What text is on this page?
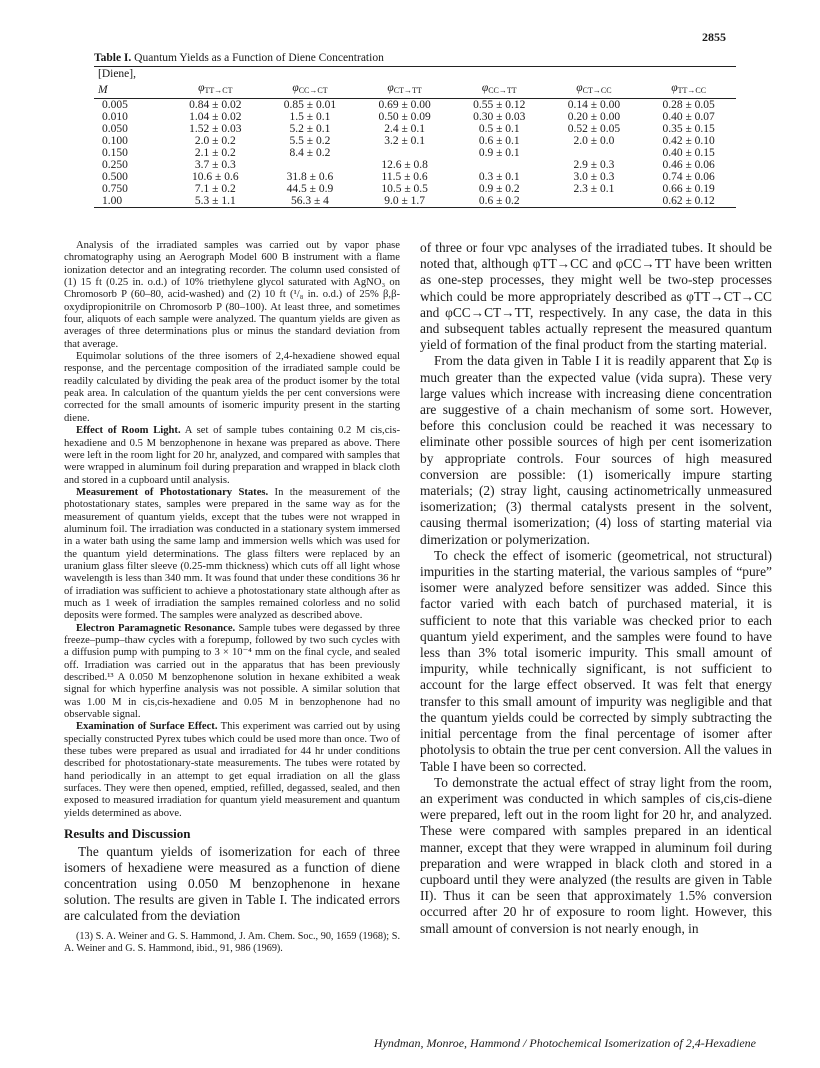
2855
Table I. Quantum Yields as a Function of Diene Concentration
[Diene],						
M	$\varphi_{TT\to CT}$	$\varphi_{CC\to CT}$	$\varphi_{CT\to TT}$	$\varphi_{CC\to TT}$	$\varphi_{CT\to CC}$	$\varphi_{TT\to CC}$
0.005	0.84 ± 0.02	0.85 ± 0.01	0.69 ± 0.00	0.55 ± 0.12	0.14 ± 0.00	0.28 ± 0.05
0.010	1.04 ± 0.02	1.5 ± 0.1	0.50 ± 0.09	0.30 ± 0.03	0.20 ± 0.00	0.40 ± 0.07
0.050	1.52 ± 0.03	5.2 ± 0.1	2.4 ± 0.1	0.5 ± 0.1	0.52 ± 0.05	0.35 ± 0.15
0.100	2.0 ± 0.2	5.5 ± 0.2	3.2 ± 0.1	0.6 ± 0.1	2.0 ± 0.0	0.42 ± 0.10
0.150	2.1 ± 0.2	8.4 ± 0.2		0.9 ± 0.1		0.40 ± 0.15
0.250	3.7 ± 0.3		12.6 ± 0.8		2.9 ± 0.3	0.46 ± 0.06
0.500	10.6 ± 0.6	31.8 ± 0.6	11.5 ± 0.6	0.3 ± 0.1	3.0 ± 0.3	0.74 ± 0.06
0.750	7.1 ± 0.2	44.5 ± 0.9	10.5 ± 0.5	0.9 ± 0.2	2.3 ± 0.1	0.66 ± 0.19
1.00	5.3 ± 1.1	56.3 ± 4	9.0 ± 1.7	0.6 ± 0.2		0.62 ± 0.12

Analysis of the irradiated samples was carried out by vapor phase chromatography using an Aerograph Model 600 B instrument with a flame ionization detector and an integrating recorder. The column used consisted of (1) 15 ft (0.25 in. o.d.) of 10% triethylene glycol saturated with AgNO₃ on Chromosorb P (60–80, acid-washed) and (2) 10 ft (¹/₈ in. o.d.) of 25% β,β-oxydipropionitrile on Chromosorb P (80–100). At least three, and sometimes four, aliquots of each sample were analyzed. The quantum yields are given as averages of three determinations plus or minus the standard deviation from that average.

Equimolar solutions of the three isomers of 2,4-hexadiene showed equal response, and the percentage composition of the irradiated sample could be readily calculated by dividing the peak area of the product isomer by the total peak area. In calculation of the quantum yields the per cent conversions were corrected for the small amounts of isomeric impurity present in the starting diene.

Effect of Room Light. A set of sample tubes containing 0.2 M cis,cis-hexadiene and 0.5 M benzophenone in hexane was prepared as above. There were left in the room light for 20 hr, analyzed, and compared with samples that were wrapped in aluminum foil during preparation and wrapped in black cloth and stored in a cupboard until analysis.

Measurement of Photostationary States. In the measurement of the photostationary states, samples were prepared in the same way as for the measurement of quantum yields, except that the tubes were not wrapped in aluminum foil. The irradiation was conducted in a stationary system immersed in a water bath using the same lamp and immersion wells which was used for the quantum yield determinations. The glass filters were replaced by an uranium glass filter sleeve (0.25-mm thickness) which cuts off all light whose wavelength is less than 340 mm. It was found that under these conditions 36 hr of irradiation was sufficient to achieve a photostationary state although after as much as 1 week of irradiation the samples remained colorless and no solid deposits were formed. The samples were analyzed as described above.

Electron Paramagnetic Resonance. Sample tubes were degassed by three freeze–pump–thaw cycles with a forepump, followed by two such cycles with a diffusion pump with pumping to 3 × 10⁻⁴ mm on the final cycle, and sealed off. Irradiation was carried out in the apparatus that has been previously described.¹³ A 0.050 M benzophenone solution in hexane exhibited a weak signal for which hyperfine analysis was not possible. A similar solution that was 1.00 M in cis,cis-hexadiene and 0.05 M in benzophenone had no observable signal.

Examination of Surface Effect. This experiment was carried out by using specially constructed Pyrex tubes which could be used more than once. Two of these tubes were prepared as usual and irradiated for 44 hr under conditions described for photostationary-state measurements. The tubes were rotated by hand periodically in an attempt to get equal irradiation on all the glass surfaces. They were then opened, emptied, refilled, degassed, sealed, and then exposed to measured irradiation for quantum yield measurement and quantum yields determined as above.

Results and Discussion

The quantum yields of isomerization for each of three isomers of hexadiene were measured as a function of diene concentration using 0.050 M benzophenone in hexane solution. The results are given in Table I. The indicated errors are calculated from the deviation

(13) S. A. Weiner and G. S. Hammond, J. Am. Chem. Soc., 90, 1659 (1968); S. A. Weiner and G. S. Hammond, ibid., 91, 986 (1969).

of three or four vpc analyses of the irradiated tubes. It should be noted that, although φTT→CC and φCC→TT have been written as one-step processes, they might well be two-step processes which could be more appropriately described as φTT→CT→CC and φCC→CT→TT, respectively. In any case, the data in this and subsequent tables actually represent the measured quantum yield of formation of the final product from the starting material.

From the data given in Table I it is readily apparent that Σφ is much greater than the expected value (vida supra). These very large values which increase with increasing diene concentration are suggestive of a chain mechanism of some sort. However, before this conclusion could be reached it was necessary to eliminate other possible sources of high per cent isomerization by appropriate controls. Four sources of high measured conversion are possible: (1) isomerically impure starting materials; (2) stray light, causing actinometrically unmeasured isomerization; (3) thermal catalysts present in the solvent, causing thermal isomerization; (4) loss of starting material via dimerization or polymerization.

To check the effect of isomeric (geometrical, not structural) impurities in the starting material, the various samples of “pure” isomer were analyzed before sensitizer was added. Since this factor varied with each batch of purchased material, it is sufficient to note that this variable was checked prior to each quantum yield experiment, and the samples were found to have less than 3% total isomeric impurity. This small amount of impurity, while technically significant, is not sufficient to account for the large effect observed. It was felt that energy transfer to this small amount of impurity was negligible and that the quantum yields could be corrected by simply subtracting the initial percentage from the final percentage of isomer after photolysis to obtain the true per cent conversion. All the values in Table I have been so corrected.

To demonstrate the actual effect of stray light from the room, an experiment was conducted in which samples of cis,cis-diene were prepared, left out in the room light for 20 hr, and analyzed. These were compared with samples prepared in an identical manner, except that they were wrapped in aluminum foil during preparation and were wrapped in black cloth and stored in a cupboard until they were analyzed (the results are given in Table II). Thus it can be seen that approximately 1.5% conversion occurred after 20 hr of exposure to room light. However, this small amount of conversion is not nearly enough, in

Hyndman, Monroe, Hammond / Photochemical Isomerization of 2,4-Hexadiene
